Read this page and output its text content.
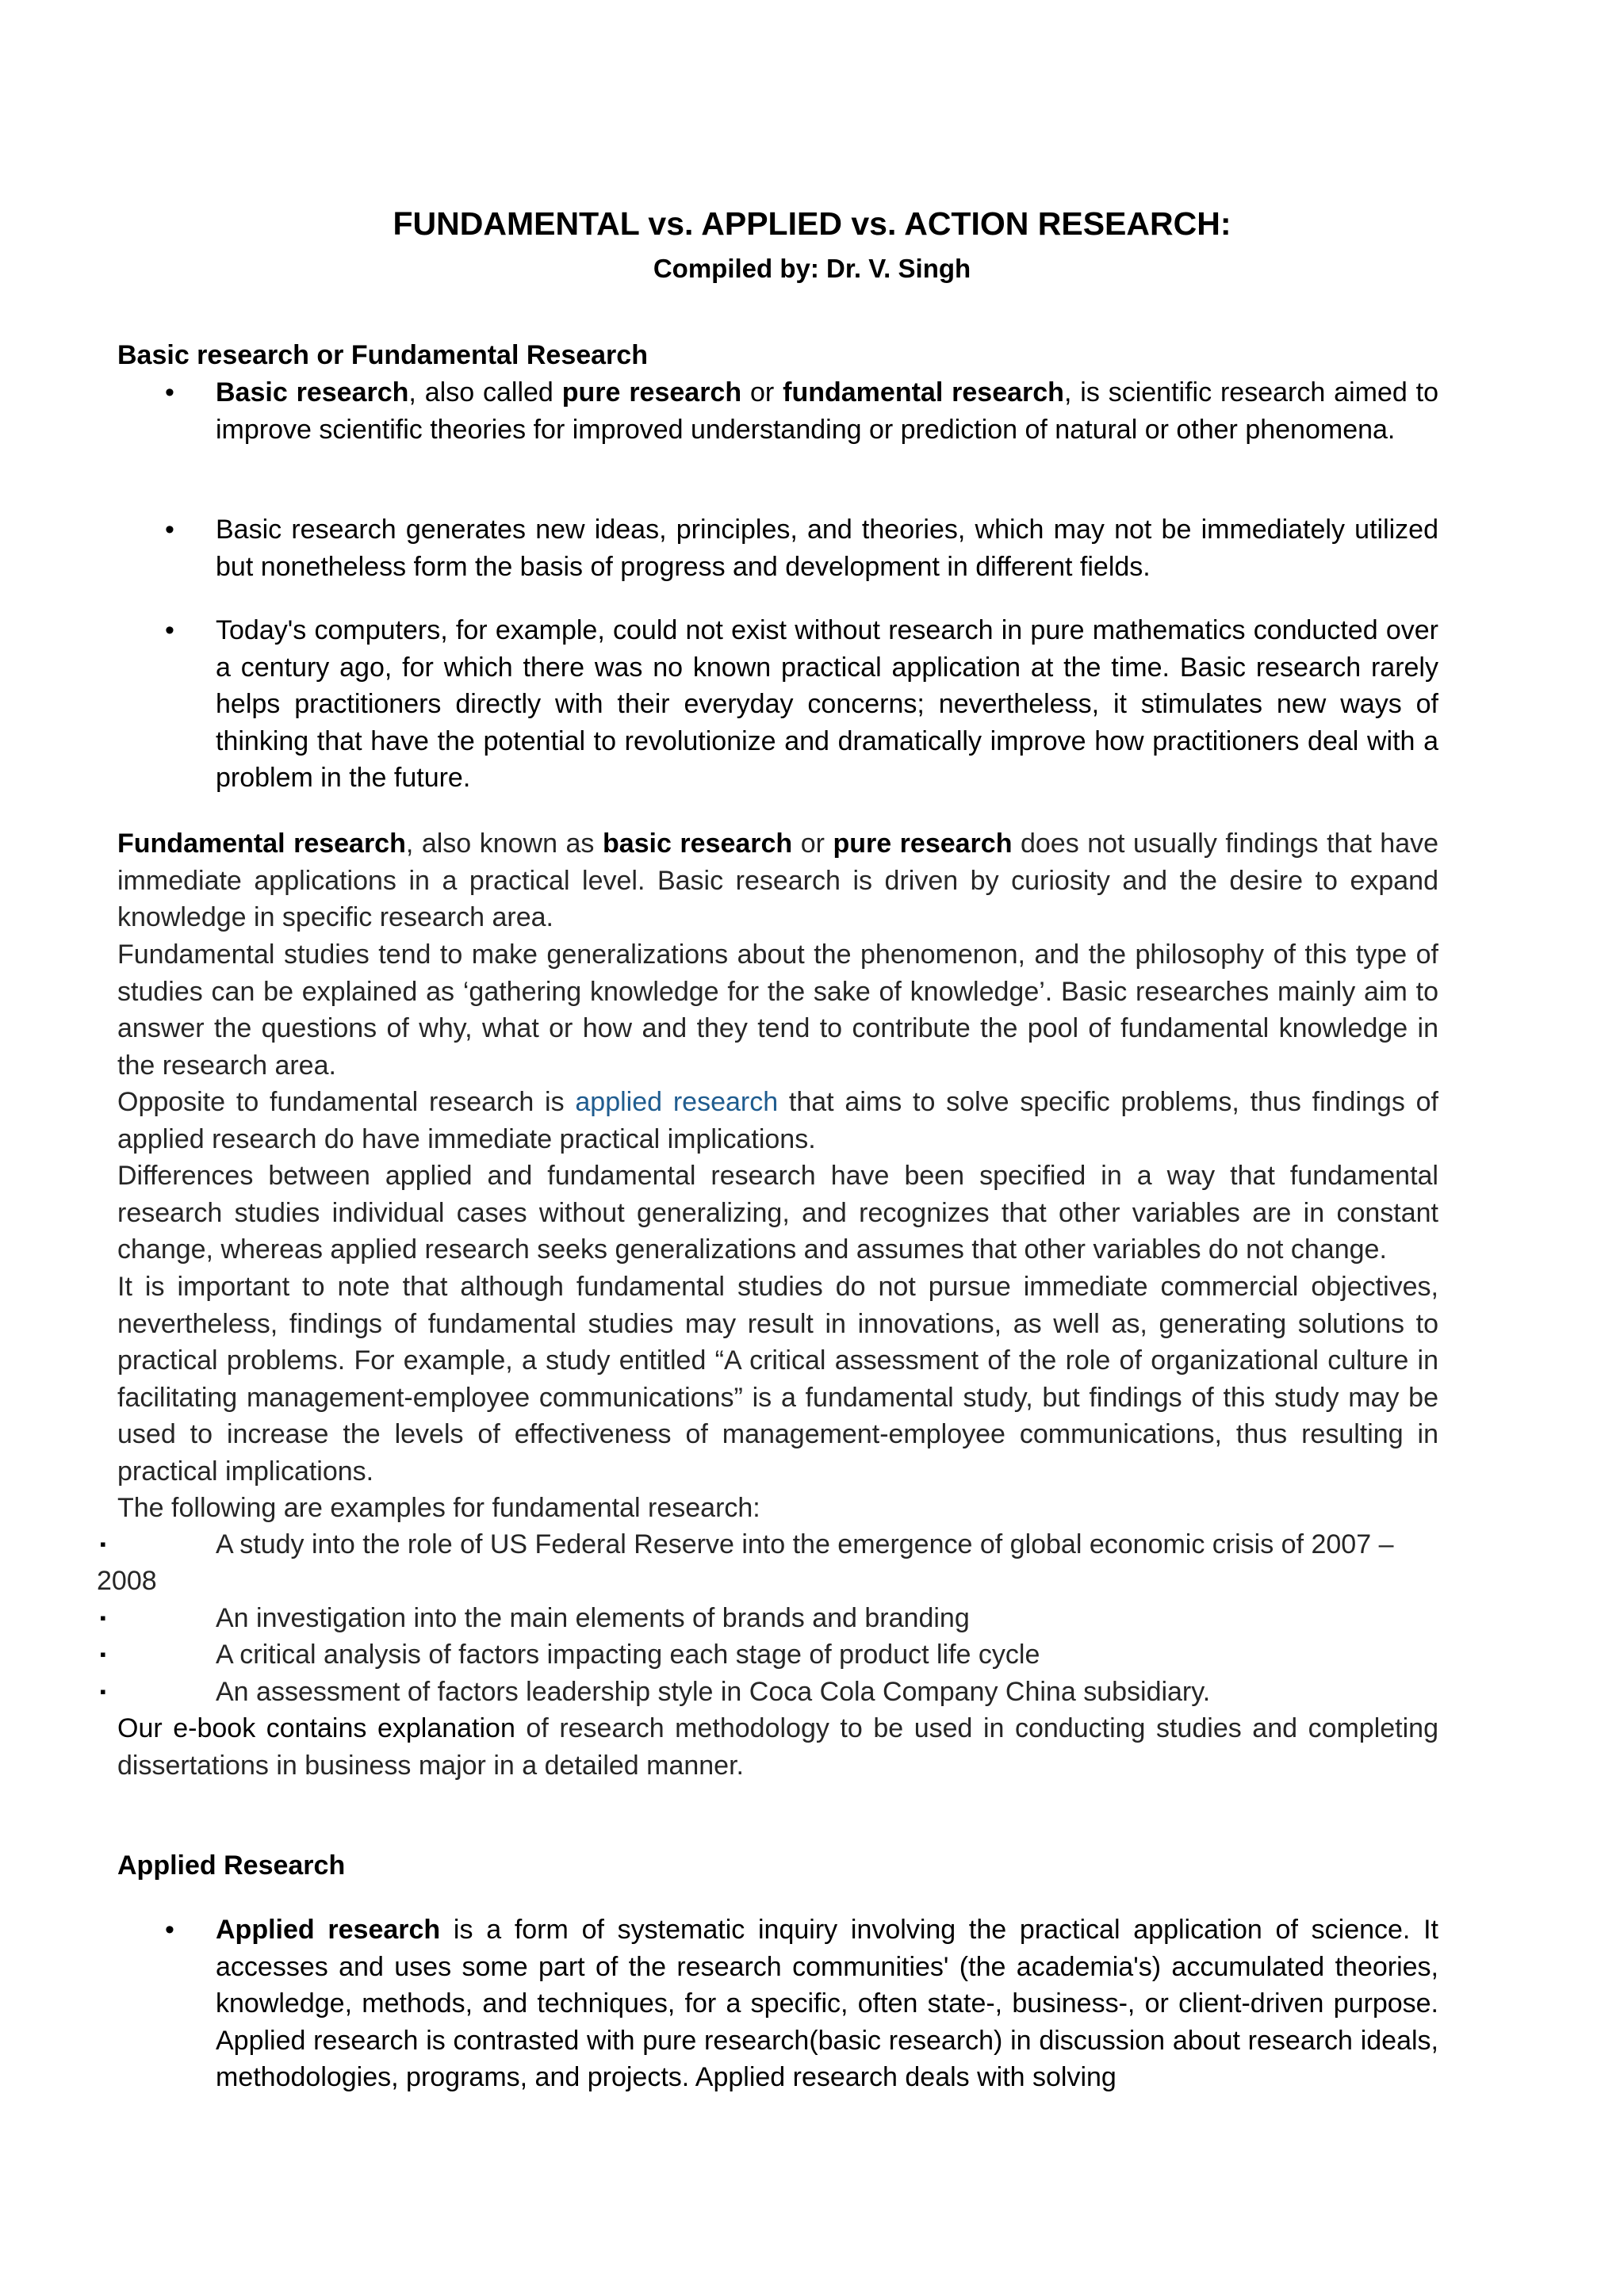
FUNDAMENTAL vs. APPLIED vs. ACTION RESEARCH:
Compiled by: Dr. V. Singh
Basic research or Fundamental Research
• Basic research, also called pure research or fundamental research, is scientific research aimed to improve scientific theories for improved understanding or prediction of natural or other phenomena.
• Basic research generates new ideas, principles, and theories, which may not be immediately utilized but nonetheless form the basis of progress and development in different fields.
• Today's computers, for example, could not exist without research in pure mathematics conducted over a century ago, for which there was no known practical application at the time. Basic research rarely helps practitioners directly with their everyday concerns; nevertheless, it stimulates new ways of thinking that have the potential to revolutionize and dramatically improve how practitioners deal with a problem in the future.
Fundamental research, also known as basic research or pure research does not usually findings that have immediate applications in a practical level. Basic research is driven by curiosity and the desire to expand knowledge in specific research area.
Fundamental studies tend to make generalizations about the phenomenon, and the philosophy of this type of studies can be explained as ‘gathering knowledge for the sake of knowledge’. Basic researches mainly aim to answer the questions of why, what or how and they tend to contribute the pool of fundamental knowledge in the research area.
Opposite to fundamental research is applied research that aims to solve specific problems, thus findings of applied research do have immediate practical implications.
Differences between applied and fundamental research have been specified in a way that fundamental research studies individual cases without generalizing, and recognizes that other variables are in constant change, whereas applied research seeks generalizations and assumes that other variables do not change.
It is important to note that although fundamental studies do not pursue immediate commercial objectives, nevertheless, findings of fundamental studies may result in innovations, as well as, generating solutions to practical problems. For example, a study entitled “A critical assessment of the role of organizational culture in facilitating management-employee communications” is a fundamental study, but findings of this study may be used to increase the levels of effectiveness of management-employee communications, thus resulting in practical implications.
The following are examples for fundamental research:
▪	A study into the role of US Federal Reserve into the emergence of global economic crisis of 2007 –
2008
▪	An investigation into the main elements of brands and branding
▪	A critical analysis of factors impacting each stage of product life cycle
▪	An assessment of factors leadership style in Coca Cola Company China subsidiary.
Our e-book contains explanation of research methodology to be used in conducting studies and completing dissertations in business major in a detailed manner.
Applied Research
• Applied research is a form of systematic inquiry involving the practical application of science. It accesses and uses some part of the research communities' (the academia's) accumulated theories, knowledge, methods, and techniques, for a specific, often state-, business-, or client-driven purpose. Applied research is contrasted with pure research(basic research) in discussion about research ideals, methodologies, programs, and projects. Applied research deals with solving
